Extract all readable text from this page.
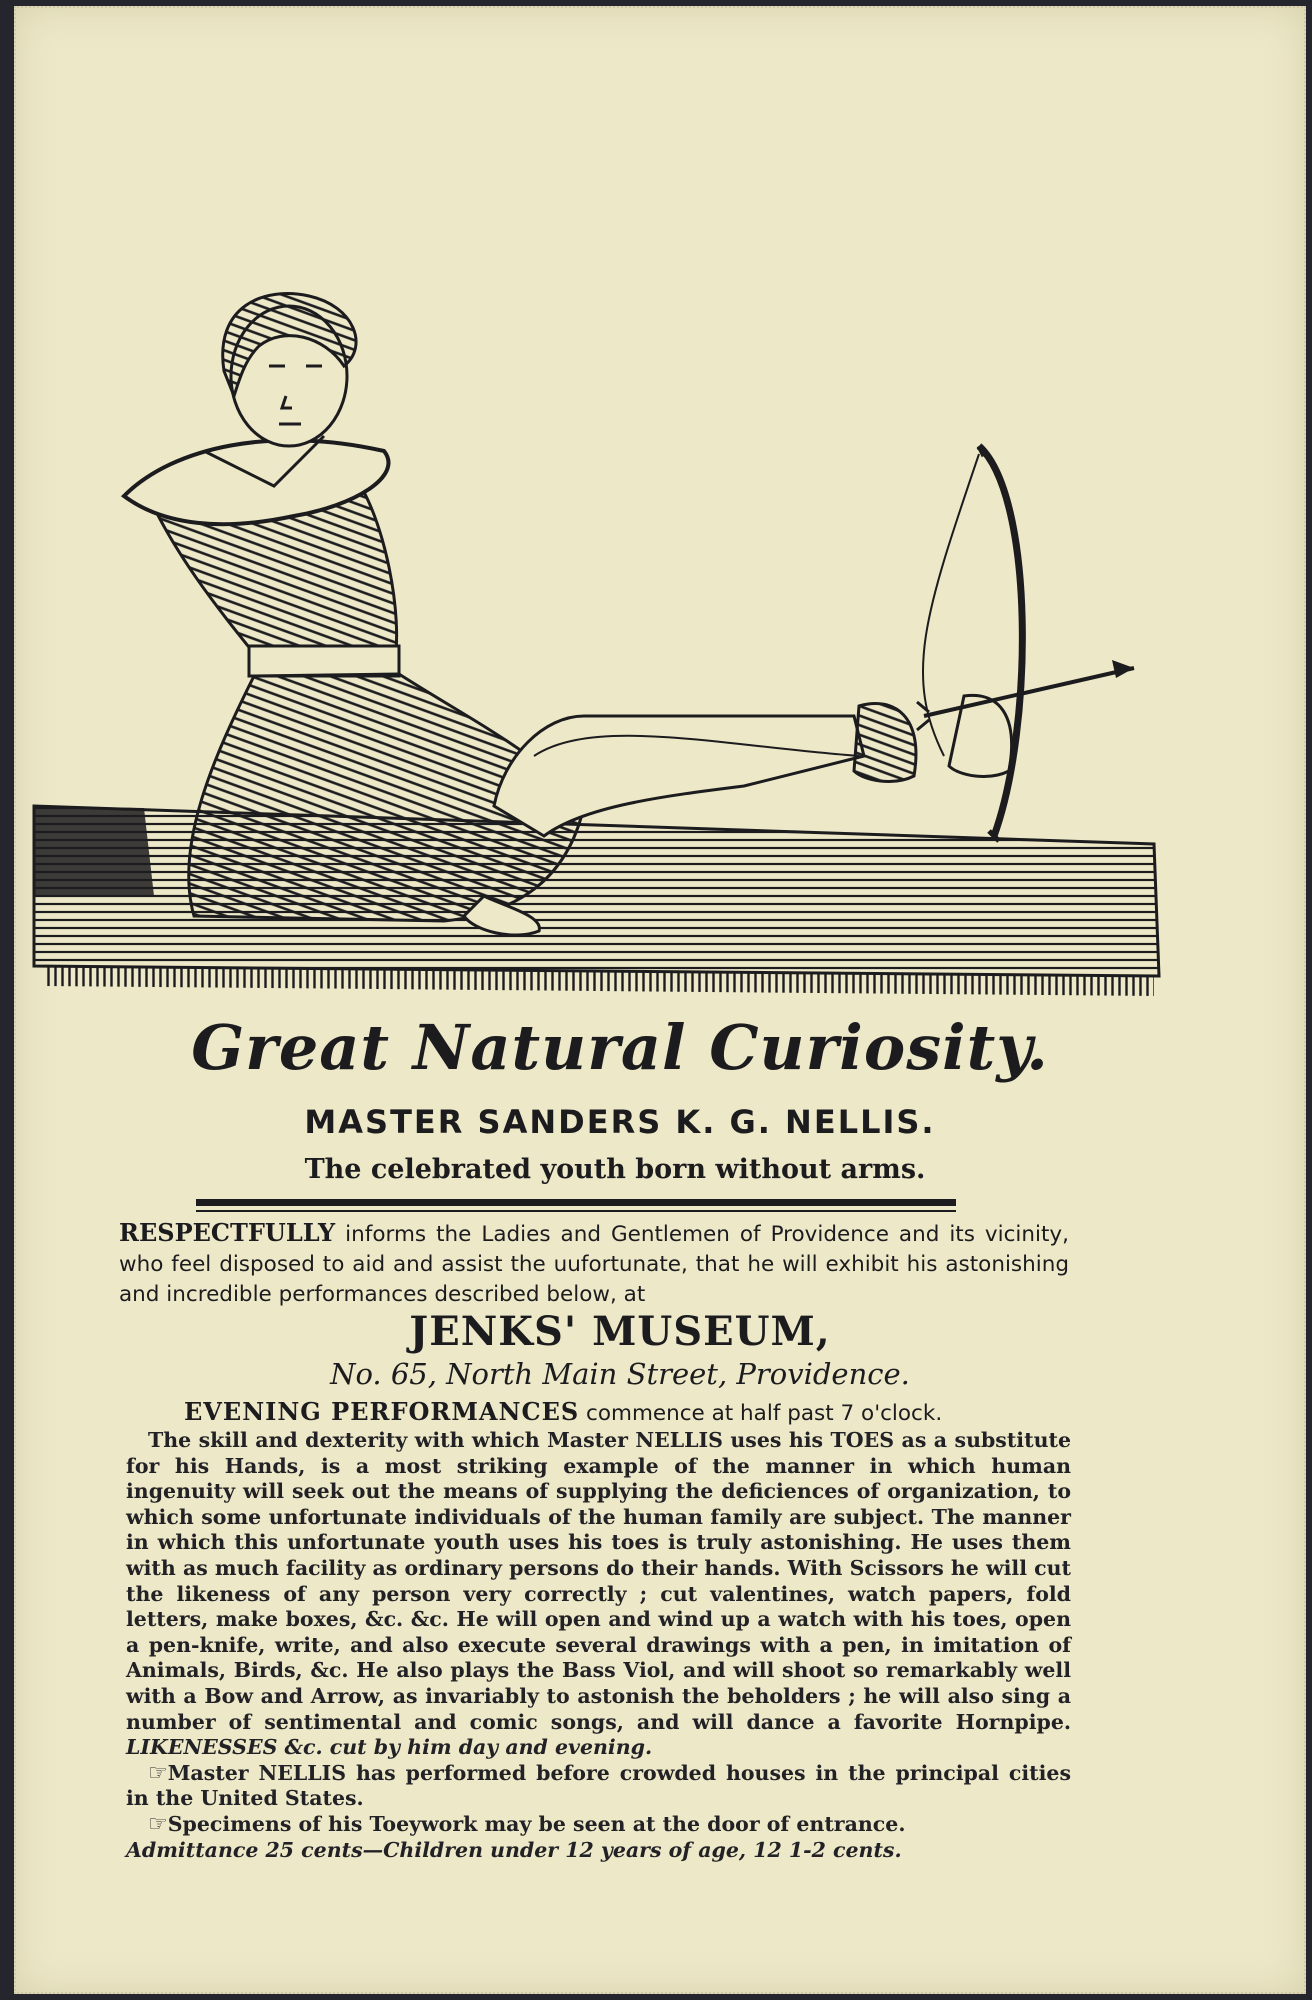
Great Natural Curiosity.
MASTER SANDERS K. G. NELLIS.
The celebrated youth born without arms.
RESPECTFULLY informs the Ladies and Gentlemen of Providence and its vicinity, who feel disposed to aid and assist the uufortunate, that he will exhibit his astonishing and incredible performances described below, at
JENKS' MUSEUM,
No. 65, North Main Street, Providence.
EVENING PERFORMANCES commence at half past 7 o'clock.

The skill and dexterity with which Master NELLIS uses his TOES as a substitute for his Hands, is a most striking example of the manner in which human ingenuity will seek out the means of supplying the deficiences of organization, to which some unfortunate individuals of the human family are subject. The manner in which this unfortunate youth uses his toes is truly astonishing. He uses them with as much facility as ordinary persons do their hands. With Scissors he will cut the likeness of any person very correctly ; cut valentines, watch papers, fold letters, make boxes, &c. &c. He will open and wind up a watch with his toes, open a pen-knife, write, and also execute several drawings with a pen, in imitation of Animals, Birds, &c. He also plays the Bass Viol, and will shoot so remarkably well with a Bow and Arrow, as invariably to astonish the beholders ; he will also sing a number of sentimental and comic songs, and will dance a favorite Hornpipe. LIKENESSES &c. cut by him day and evening.

☞Master NELLIS has performed before crowded houses in the principal cities in the United States.

☞Specimens of his Toeywork may be seen at the door of entrance.

Admittance 25 cents—Children under 12 years of age, 12 1-2 cents.
